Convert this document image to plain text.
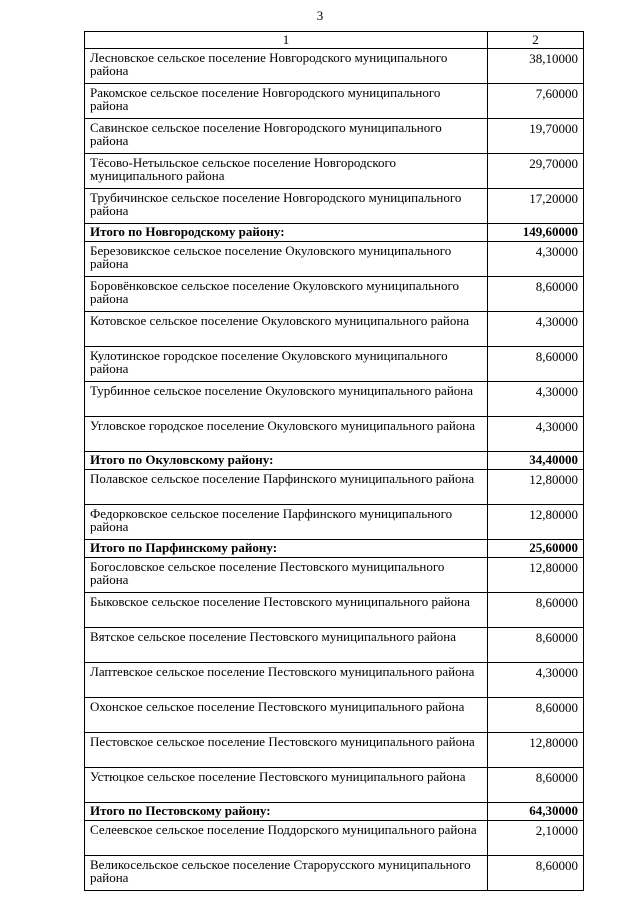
3
1	2
Лесновское сельское поселение Новгородского муниципального района	38,10000
Ракомское сельское поселение Новгородского муниципального района	7,60000
Савинское сельское поселение Новгородского муниципального района	19,70000
Тёсово-Нетыльское сельское поселение Новгородского муниципального района	29,70000
Трубичинское сельское поселение Новгородского муниципального района	17,20000
Итого по Новгородскому району:	149,60000
Березовикское сельское поселение Окуловского муниципального района	4,30000
Боровёнковское сельское поселение Окуловского муниципального района	8,60000
Котовское сельское поселение Окуловского муниципального района	4,30000
Кулотинское городское поселение Окуловского муниципального района	8,60000
Турбинное сельское поселение Окуловского муниципального района	4,30000
Угловское городское поселение Окуловского муниципального района	4,30000
Итого по Окуловскому району:	34,40000
Полавское сельское поселение Парфинского муниципального района	12,80000
Федорковское сельское поселение Парфинского муниципального района	12,80000
Итого по Парфинскому району:	25,60000
Богословское сельское поселение Пестовского муниципального района	12,80000
Быковское сельское поселение Пестовского муниципального района	8,60000
Вятское сельское поселение Пестовского муниципального района	8,60000
Лаптевское сельское поселение Пестовского муниципального района	4,30000
Охонское сельское поселение Пестовского муниципального района	8,60000
Пестовское сельское поселение Пестовского муниципального района	12,80000
Устюцкое сельское поселение Пестовского муниципального района	8,60000
Итого по Пестовскому району:	64,30000
Селеевское сельское поселение Поддорского муниципального района	2,10000
Великосельское сельское поселение Старорусского муниципального района	8,60000
